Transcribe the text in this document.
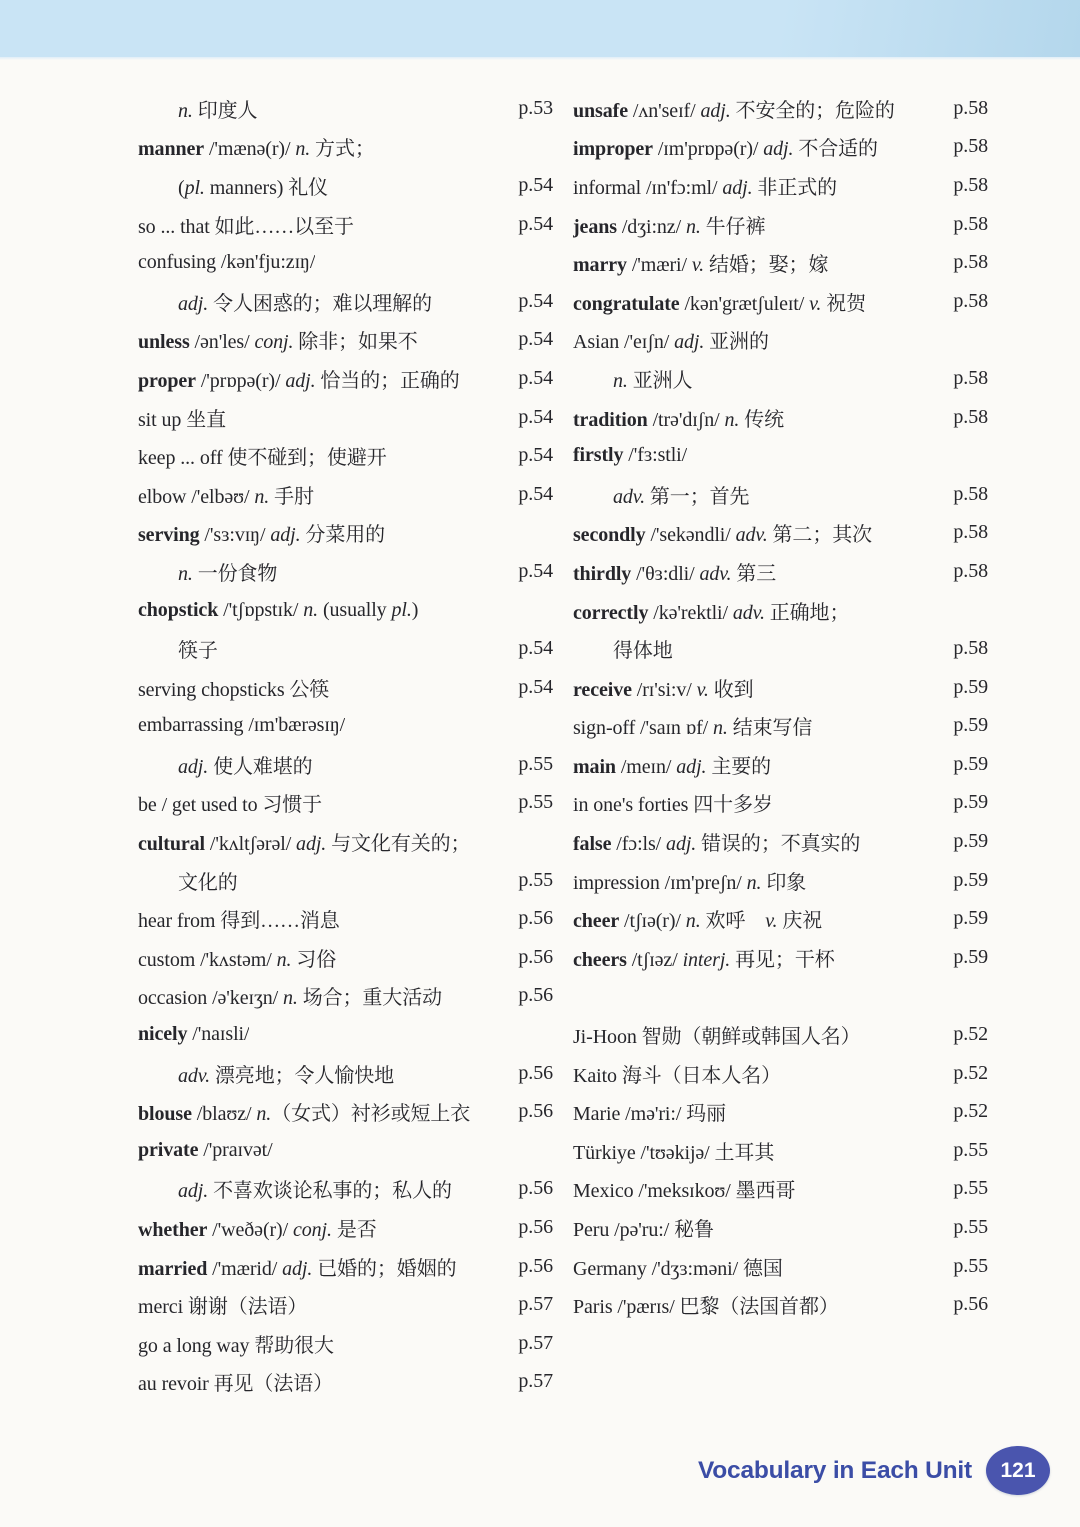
n. 印度人	p.53
manner /'mænə(r)/ n. 方式；
(pl. manners) 礼仪	p.54
so ... that 如此……以至于	p.54
confusing /kən'fju:zɪŋ/
adj. 令人困惑的；难以理解的	p.54
unless /ən'les/ conj. 除非；如果不	p.54
proper /'prɒpə(r)/ adj. 恰当的；正确的	p.54
sit up 坐直	p.54
keep ... off 使不碰到；使避开	p.54
elbow /'elbəʊ/ n. 手肘	p.54
serving /'sɜ:vɪŋ/ adj. 分菜用的
n. 一份食物	p.54
chopstick /'tʃɒpstɪk/ n. (usually pl.)
筷子	p.54
serving chopsticks 公筷	p.54
embarrassing /ɪm'bærəsɪŋ/
adj. 使人难堪的	p.55
be / get used to 习惯于	p.55
cultural /'kʌltʃərəl/ adj. 与文化有关的；
文化的	p.55
hear from 得到……消息	p.56
custom /'kʌstəm/ n. 习俗	p.56
occasion /ə'keɪʒn/ n. 场合；重大活动	p.56
nicely /'naɪsli/
adv. 漂亮地；令人愉快地	p.56
blouse /blaʊz/ n.（女式）衬衫或短上衣	p.56
private /'praɪvət/
adj. 不喜欢谈论私事的；私人的	p.56
whether /'weðə(r)/ conj. 是否	p.56
married /'mærid/ adj. 已婚的；婚姻的	p.56
merci 谢谢（法语）	p.57
go a long way 帮助很大	p.57
au revoir 再见（法语）	p.57
unsafe /ʌn'seɪf/ adj. 不安全的；危险的	p.58
improper /ɪm'prɒpə(r)/ adj. 不合适的	p.58
informal /ɪn'fɔ:ml/ adj. 非正式的	p.58
jeans /dʒi:nz/ n. 牛仔裤	p.58
marry /'mæri/ v. 结婚；娶；嫁	p.58
congratulate /kən'grætʃuleɪt/ v. 祝贺	p.58
Asian /'eɪʃn/ adj. 亚洲的
n. 亚洲人	p.58
tradition /trə'dɪʃn/ n. 传统	p.58
firstly /'fɜ:stli/
adv. 第一；首先	p.58
secondly /'sekəndli/ adv. 第二；其次	p.58
thirdly /'θɜ:dli/ adv. 第三	p.58
correctly /kə'rektli/ adv. 正确地；
得体地	p.58
receive /rɪ'si:v/ v. 收到	p.59
sign-off /'saɪn ɒf/ n. 结束写信	p.59
main /meɪn/ adj. 主要的	p.59
in one's forties 四十多岁	p.59
false /fɔ:ls/ adj. 错误的；不真实的	p.59
impression /ɪm'preʃn/ n. 印象	p.59
cheer /tʃɪə(r)/ n. 欢呼　v. 庆祝	p.59
cheers /tʃɪəz/ interj. 再见；干杯	p.59
Ji-Hoon 智勋（朝鲜或韩国人名）	p.52
Kaito 海斗（日本人名）	p.52
Marie /mə'ri:/ 玛丽	p.52
Türkiye /'tʊəkijə/ 土耳其	p.55
Mexico /'meksɪkoʊ/ 墨西哥	p.55
Peru /pə'ru:/ 秘鲁	p.55
Germany /'dʒɜ:məni/ 德国	p.55
Paris /'pærɪs/ 巴黎（法国首都）	p.56
Vocabulary in Each Unit 121
